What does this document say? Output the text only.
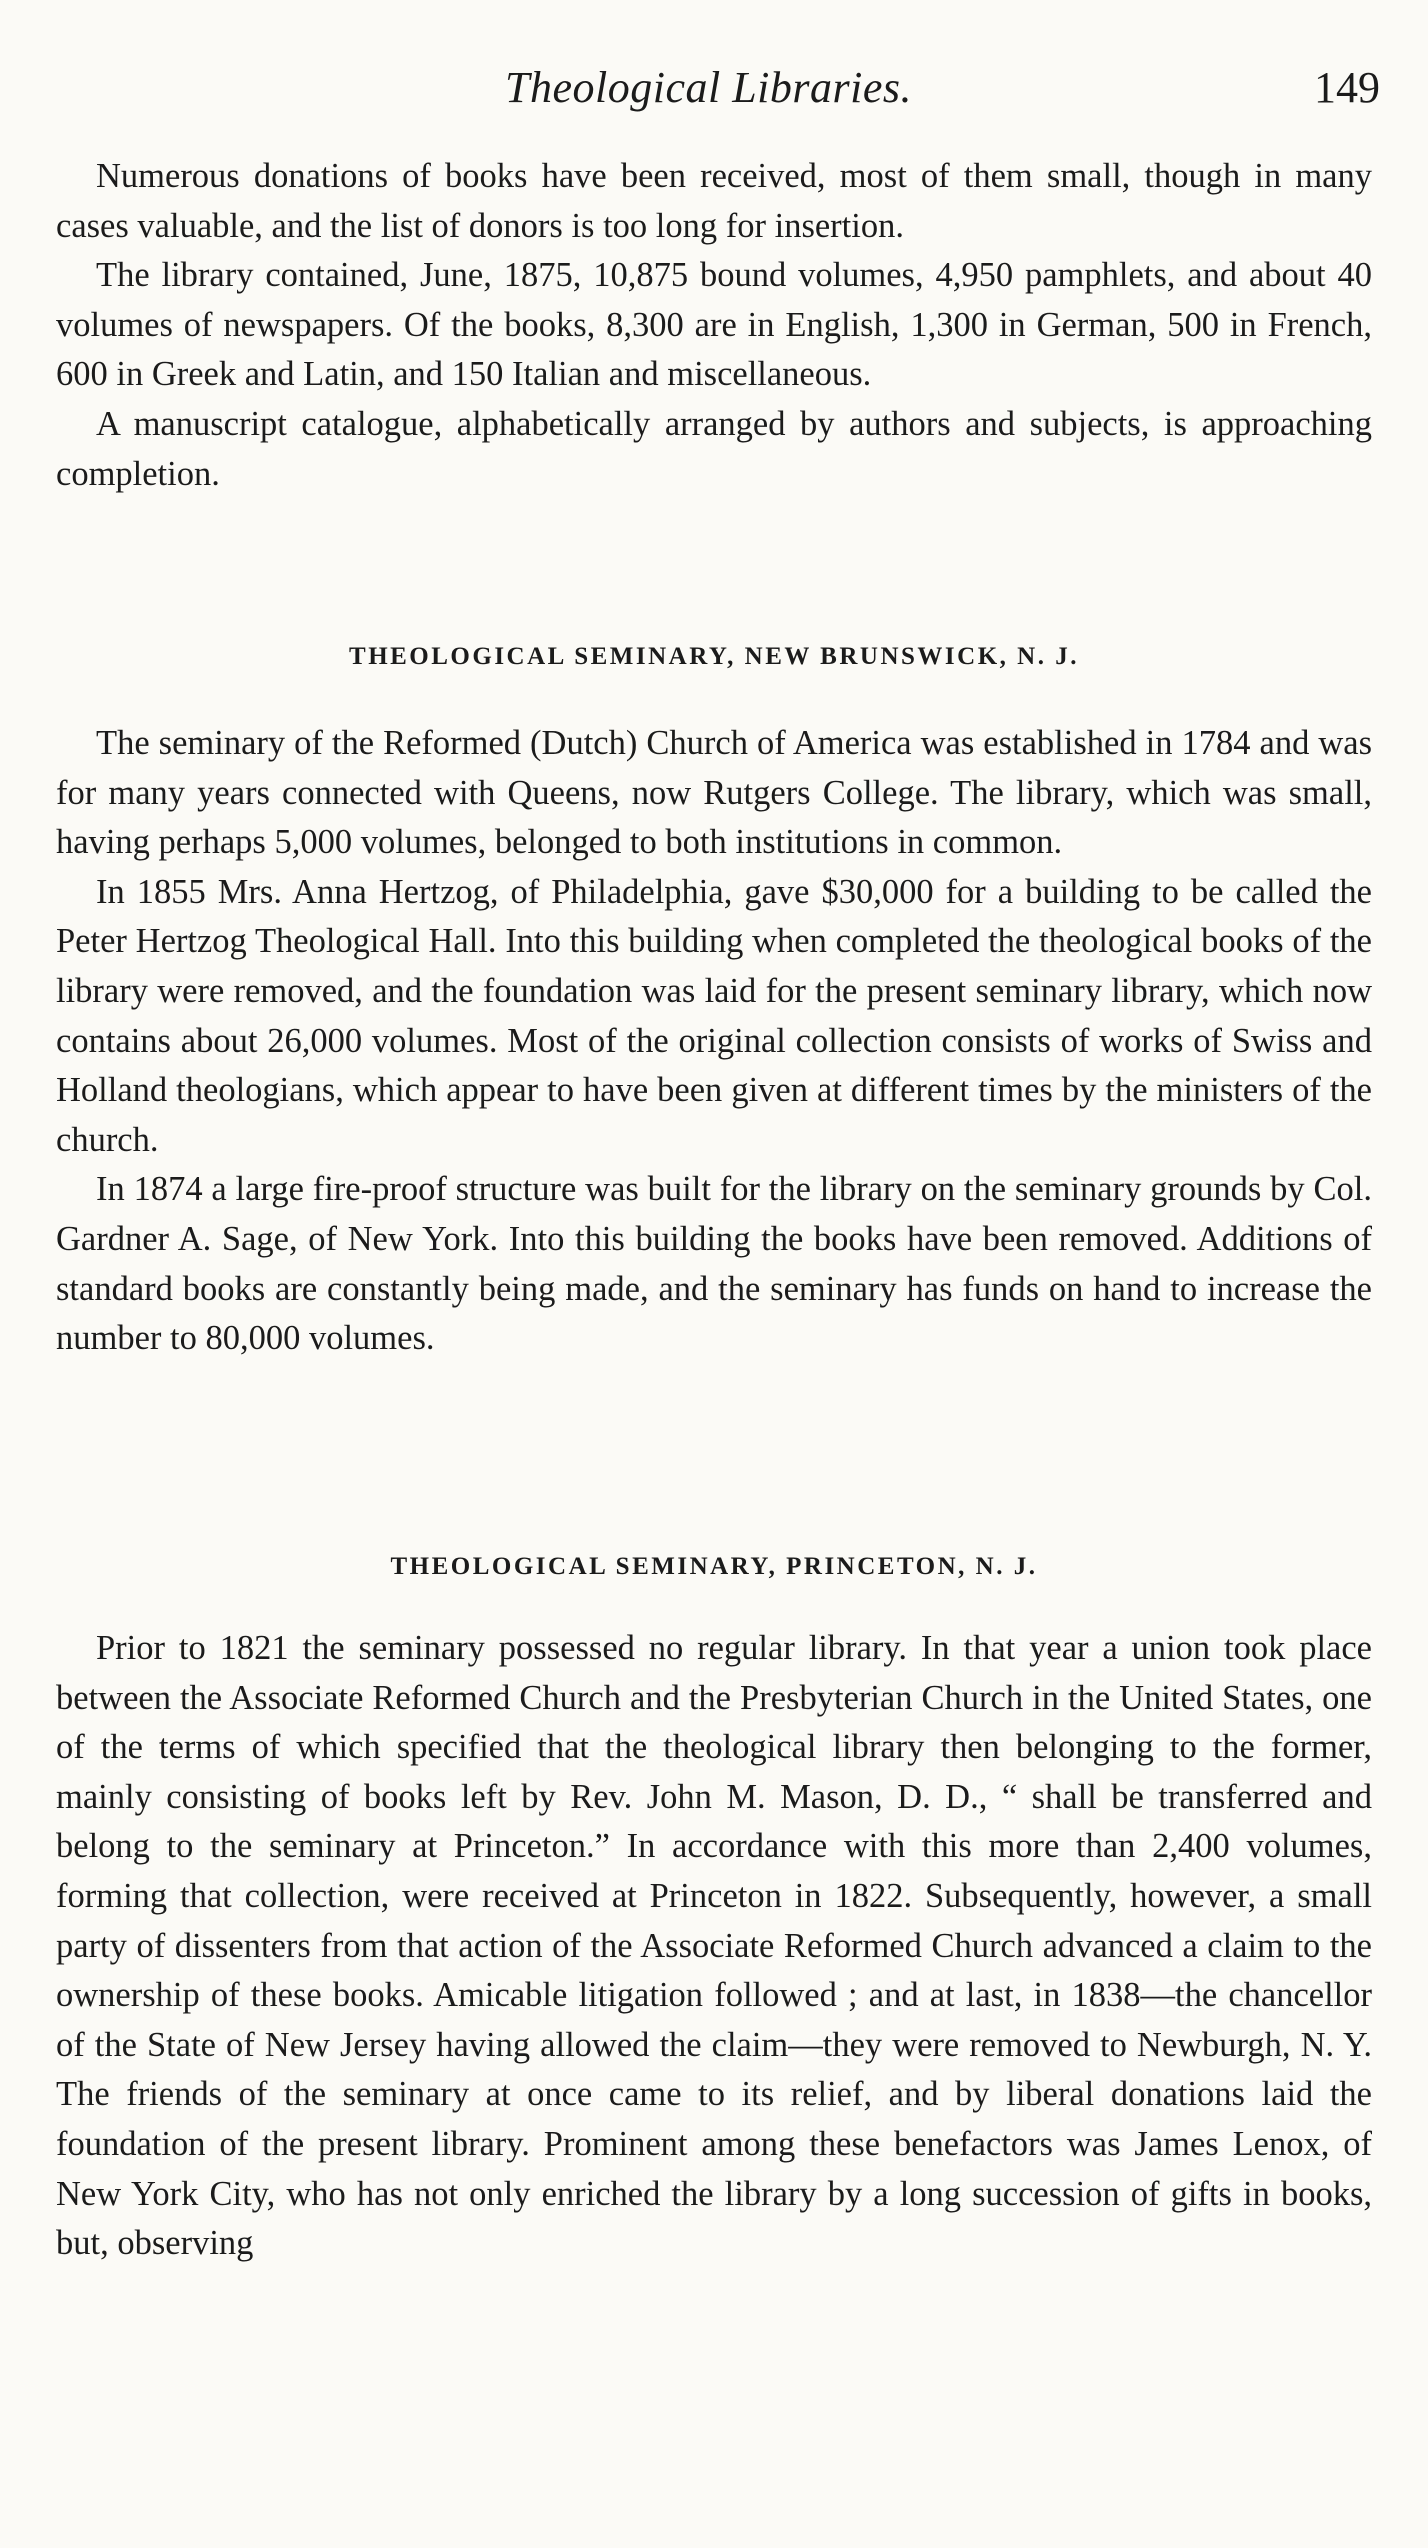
Theological Libraries.	149

Numerous donations of books have been received, most of them small, though in many cases valuable, and the list of donors is too long for insertion.

The library contained, June, 1875, 10,875 bound volumes, 4,950 pamphlets, and about 40 volumes of newspapers. Of the books, 8,300 are in English, 1,300 in German, 500 in French, 600 in Greek and Latin, and 150 Italian and miscellaneous.

A manuscript catalogue, alphabetically arranged by authors and subjects, is approaching completion.

THEOLOGICAL SEMINARY, NEW BRUNSWICK, N. J.

The seminary of the Reformed (Dutch) Church of America was established in 1784 and was for many years connected with Queens, now Rutgers College. The library, which was small, having perhaps 5,000 volumes, belonged to both institutions in common.

In 1855 Mrs. Anna Hertzog, of Philadelphia, gave $30,000 for a building to be called the Peter Hertzog Theological Hall. Into this building when completed the theological books of the library were removed, and the foundation was laid for the present seminary library, which now contains about 26,000 volumes. Most of the original collection consists of works of Swiss and Holland theologians, which appear to have been given at different times by the ministers of the church.

In 1874 a large fire-proof structure was built for the library on the seminary grounds by Col. Gardner A. Sage, of New York. Into this building the books have been removed. Additions of standard books are constantly being made, and the seminary has funds on hand to increase the number to 80,000 volumes.

THEOLOGICAL SEMINARY, PRINCETON, N. J.

Prior to 1821 the seminary possessed no regular library. In that year a union took place between the Associate Reformed Church and the Presbyterian Church in the United States, one of the terms of which specified that the theological library then belonging to the former, mainly consisting of books left by Rev. John M. Mason, D. D., “ shall be transferred and belong to the seminary at Princeton.” In accordance with this more than 2,400 volumes, forming that collection, were received at Princeton in 1822. Subsequently, however, a small party of dissenters from that action of the Associate Reformed Church advanced a claim to the ownership of these books. Amicable litigation followed ; and at last, in 1838—the chancellor of the State of New Jersey having allowed the claim—they were removed to Newburgh, N. Y. The friends of the seminary at once came to its relief, and by liberal donations laid the foundation of the present library. Prominent among these benefactors was James Lenox, of New York City, who has not only enriched the library by a long succession of gifts in books, but, observing
